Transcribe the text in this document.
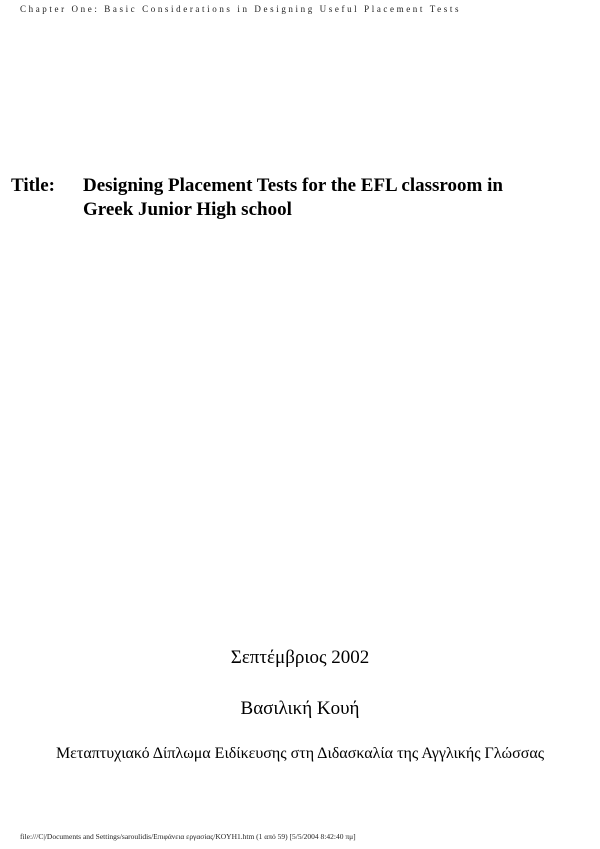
Chapter One: Basic Considerations in Designing Useful Placement Tests
Title:	Designing Placement Tests for the EFL classroom in
Greek Junior High school
Σεπτέμβριος 2002
Βασιλική Κουή
Μεταπτυχιακό Δίπλωμα Ειδίκευσης στη Διδασκαλία της Αγγλικής Γλώσσας
file:///C|/Documents and Settings/saroulidis/Επιφάνεια εργασίας/KOYH1.htm (1 από 59) [5/5/2004 8:42:40 πμ]
